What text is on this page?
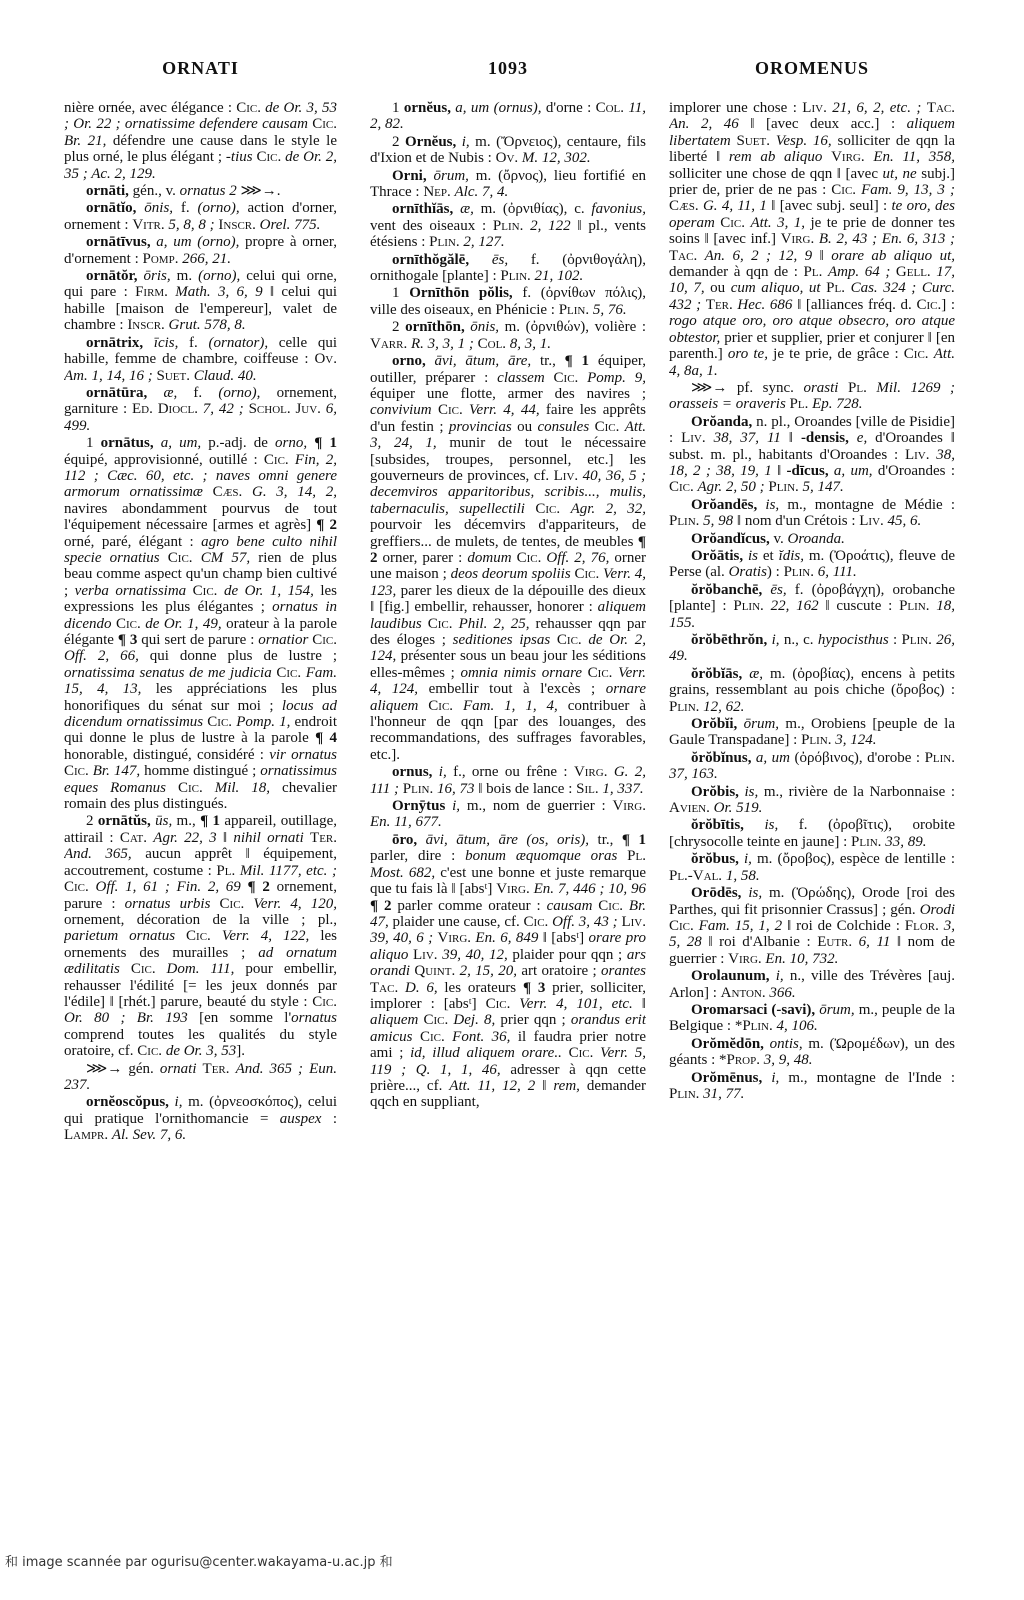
ORNATI	1093	OROMENUS

nière ornée, avec élégance : Cic. de Or. 3, 53 ; Or. 22 ; ornatissime defendere causam Cic. Br. 21, défendre une cause dans le style le plus orné, le plus élégant ; -tius Cic. de Or. 2, 35 ; Ac. 2, 129.

ornāti, gén., v. ornatus 2 ⋙→.

ornātĭo, ōnis, f. (orno), action d'orner, ornement : Vitr. 5, 8, 8 ; Inscr. Orel. 775.

ornātīvus, a, um (orno), propre à orner, d'ornement : Pomp. 266, 21.

ornātŏr, ōris, m. (orno), celui qui orne, qui pare : Firm. Math. 3, 6, 9 ‖ celui qui habille [maison de l'empereur], valet de chambre : Inscr. Grut. 578, 8.

ornātrix, īcis, f. (ornator), celle qui habille, femme de chambre, coiffeuse : Ov. Am. 1, 14, 16 ; Suet. Claud. 40.

ornātūra, æ, f. (orno), ornement, garniture : Ed. Diocl. 7, 42 ; Schol. Juv. 6, 499.

1 ornātus, a, um, p.-adj. de orno, ¶ 1 équipé, approvisionné, outillé : Cic. Fin, 2, 112 ; Cæc. 60, etc. ; naves omni genere armorum ornatissimæ Cæs. G. 3, 14, 2, navires abondamment pourvus de tout l'équipement nécessaire [armes et agrès] ¶ 2 orné, paré, élégant : agro bene culto nihil specie ornatius Cic. CM 57, rien de plus beau comme aspect qu'un champ bien cultivé ; verba ornatissima Cic. de Or. 1, 154, les expressions les plus élégantes ; ornatus in dicendo Cic. de Or. 1, 49, orateur à la parole élégante ¶ 3 qui sert de parure : ornatior Cic. Off. 2, 66, qui donne plus de lustre ; ornatissima senatus de me judicia Cic. Fam. 15, 4, 13, les appréciations les plus honorifiques du sénat sur moi ; locus ad dicendum ornatissimus Cic. Pomp. 1, endroit qui donne le plus de lustre à la parole ¶ 4 honorable, distingué, considéré : vir ornatus Cic. Br. 147, homme distingué ; ornatissimus eques Romanus Cic. Mil. 18, chevalier romain des plus distingués.

2 ornātŭs, ūs, m., ¶ 1 appareil, outillage, attirail : Cat. Agr. 22, 3 ‖ nihil ornati Ter. And. 365, aucun apprêt ‖ équipement, accoutrement, costume : Pl. Mil. 1177, etc. ; Cic. Off. 1, 61 ; Fin. 2, 69 ¶ 2 ornement, parure : ornatus urbis Cic. Verr. 4, 120, ornement, décoration de la ville ; pl., parietum ornatus Cic. Verr. 4, 122, les ornements des murailles ; ad ornatum ædilitatis Cic. Dom. 111, pour embellir, rehausser l'édilité [= les jeux donnés par l'édile] ‖ [rhét.] parure, beauté du style : Cic. Or. 80 ; Br. 193 [en somme l'ornatus comprend toutes les qualités du style oratoire, cf. Cic. de Or. 3, 53].

⋙→ gén. ornati Ter. And. 365 ; Eun. 237.

ornĕoscŏpus, i, m. (ὀρνεοσκόπος), celui qui pratique l'ornithomancie = auspex : Lampr. Al. Sev. 7, 6.

1 ornĕus, a, um (ornus), d'orne : Col. 11, 2, 82.

2 Ornĕus, i, m. (Ὄρνειος), centaure, fils d'Ixion et de Nubis : Ov. M. 12, 302.

Orni, ōrum, m. (ὄρνος), lieu fortifié en Thrace : Nep. Alc. 7, 4.

ornīthĭās, æ, m. (ὀρνιθίας), c. favonius, vent des oiseaux : Plin. 2, 122 ‖ pl., vents étésiens : Plin. 2, 127.

ornīthŏgălē, ēs, f. (ὀρνιθογάλη), ornithogale [plante] : Plin. 21, 102.

1 Ornīthōn pŏlis, f. (ὀρνίθων πόλις), ville des oiseaux, en Phénicie : Plin. 5, 76.

2 ornīthōn, ōnis, m. (ὀρνιθών), volière : Varr. R. 3, 3, 1 ; Col. 8, 3, 1.

orno, āvi, ātum, āre, tr., ¶ 1 équiper, outiller, préparer : classem Cic. Pomp. 9, équiper une flotte, armer des navires ; convivium Cic. Verr. 4, 44, faire les apprêts d'un festin ; provincias ou consules Cic. Att. 3, 24, 1, munir de tout le nécessaire [subsides, troupes, personnel, etc.] les gouverneurs de provinces, cf. Liv. 40, 36, 5 ; decemviros apparitoribus, scribis..., mulis, tabernaculis, supellectili Cic. Agr. 2, 32, pourvoir les décemvirs d'appariteurs, de greffiers... de mulets, de tentes, de meubles ¶ 2 orner, parer : domum Cic. Off. 2, 76, orner une maison ; deos deorum spoliis Cic. Verr. 4, 123, parer les dieux de la dépouille des dieux ‖ [fig.] embellir, rehausser, honorer : aliquem laudibus Cic. Phil. 2, 25, rehausser qqn par des éloges ; seditiones ipsas Cic. de Or. 2, 124, présenter sous un beau jour les séditions elles-mêmes ; omnia nimis ornare Cic. Verr. 4, 124, embellir tout à l'excès ; ornare aliquem Cic. Fam. 1, 1, 4, contribuer à l'honneur de qqn [par des louanges, des recommandations, des suffrages favorables, etc.].

ornus, i, f., orne ou frêne : Virg. G. 2, 111 ; Plin. 16, 73 ‖ bois de lance : Sil. 1, 337.

Ornȳtus i, m., nom de guerrier : Virg. En. 11, 677.

ōro, āvi, ātum, āre (os, oris), tr., ¶ 1 parler, dire : bonum æquomque oras Pl. Most. 682, c'est une bonne et juste remarque que tu fais là ‖ [absᵗ] Virg. En. 7, 446 ; 10, 96 ¶ 2 parler comme orateur : causam Cic. Br. 47, plaider une cause, cf. Cic. Off. 3, 43 ; Liv. 39, 40, 6 ; Virg. En. 6, 849 ‖ [absᵗ] orare pro aliquo Liv. 39, 40, 12, plaider pour qqn ; ars orandi Quint. 2, 15, 20, art oratoire ; orantes Tac. D. 6, les orateurs ¶ 3 prier, solliciter, implorer : [absᵗ] Cic. Verr. 4, 101, etc. ‖ aliquem Cic. Dej. 8, prier qqn ; orandus erit amicus Cic. Font. 36, il faudra prier notre ami ; id, illud aliquem orare.. Cic. Verr. 5, 119 ; Q. 1, 1, 46, adresser à qqn cette prière..., cf. Att. 11, 12, 2 ‖ rem, demander qqch en suppliant,

implorer une chose : Liv. 21, 6, 2, etc. ; Tac. An. 2, 46 ‖ [avec deux acc.] : aliquem libertatem Suet. Vesp. 16, solliciter de qqn la liberté ‖ rem ab aliquo Virg. En. 11, 358, solliciter une chose de qqn ‖ [avec ut, ne subj.] prier de, prier de ne pas : Cic. Fam. 9, 13, 3 ; Cæs. G. 4, 11, 1 ‖ [avec subj. seul] : te oro, des operam Cic. Att. 3, 1, je te prie de donner tes soins ‖ [avec inf.] Virg. B. 2, 43 ; En. 6, 313 ; Tac. An. 6, 2 ; 12, 9 ‖ orare ab aliquo ut, demander à qqn de : Pl. Amp. 64 ; Gell. 17, 10, 7, ou cum aliquo, ut Pl. Cas. 324 ; Curc. 432 ; Ter. Hec. 686 ‖ [alliances fréq. d. Cic.] : rogo atque oro, oro atque obsecro, oro atque obtestor, prier et supplier, prier et conjurer ‖ [en parenth.] oro te, je te prie, de grâce : Cic. Att. 4, 8a, 1.

⋙→ pf. sync. orasti Pl. Mil. 1269 ; orasseis = oraveris Pl. Ep. 728.

Orŏanda, n. pl., Oroandes [ville de Pisidie] : Liv. 38, 37, 11 ‖ -densis, e, d'Oroandes ‖ subst. m. pl., habitants d'Oroandes : Liv. 38, 18, 2 ; 38, 19, 1 ‖ -dīcus, a, um, d'Oroandes : Cic. Agr. 2, 50 ; Plin. 5, 147.

Orŏandēs, is, m., montagne de Médie : Plin. 5, 98 ‖ nom d'un Crétois : Liv. 45, 6.

Orŏandĭcus, v. Oroanda.

Orŏātis, is et ĭdis, m. (Ὀροάτις), fleuve de Perse (al. Oratis) : Plin. 6, 111.

ŏrŏbanchē, ēs, f. (ὀροβάγχη), orobanche [plante] : Plin. 22, 162 ‖ cuscute : Plin. 18, 155.

ŏrŏbēthrŏn, i, n., c. hypocisthus : Plin. 26, 49.

ŏrŏbĭās, æ, m. (ὀροβίας), encens à petits grains, ressemblant au pois chiche (ὄροβος) : Plin. 12, 62.

Orŏbĭi, ōrum, m., Orobiens [peuple de la Gaule Transpadane] : Plin. 3, 124.

ŏrŏbĭnus, a, um (ὀρόβινος), d'orobe : Plin. 37, 163.

Orŏbis, is, m., rivière de la Narbonnaise : Avien. Or. 519.

ŏrŏbītis, is, f. (ὀροβῖτις), orobite [chrysocolle teinte en jaune] : Plin. 33, 89.

ŏrŏbus, i, m. (ὄροβος), espèce de lentille : Pl.-Val. 1, 58.

Orōdēs, is, m. (Ὀρώδης), Orode [roi des Parthes, qui fit prisonnier Crassus] ; gén. Orodi Cic. Fam. 15, 1, 2 ‖ roi de Colchide : Flor. 3, 5, 28 ‖ roi d'Albanie : Eutr. 6, 11 ‖ nom de guerrier : Virg. En. 10, 732.

Orolaunum, i, n., ville des Trévères [auj. Arlon] : Anton. 366.

Oromarsaci (-savi), ōrum, m., peuple de la Belgique : *Plin. 4, 106.

Orŏmĕdōn, ontis, m. (Ὠρομέδων), un des géants : *Prop. 3, 9, 48.

Orŏmēnus, i, m., montagne de l'Inde : Plin. 31, 77.

和 image scannée par ogurisu@center.wakayama-u.ac.jp 和
